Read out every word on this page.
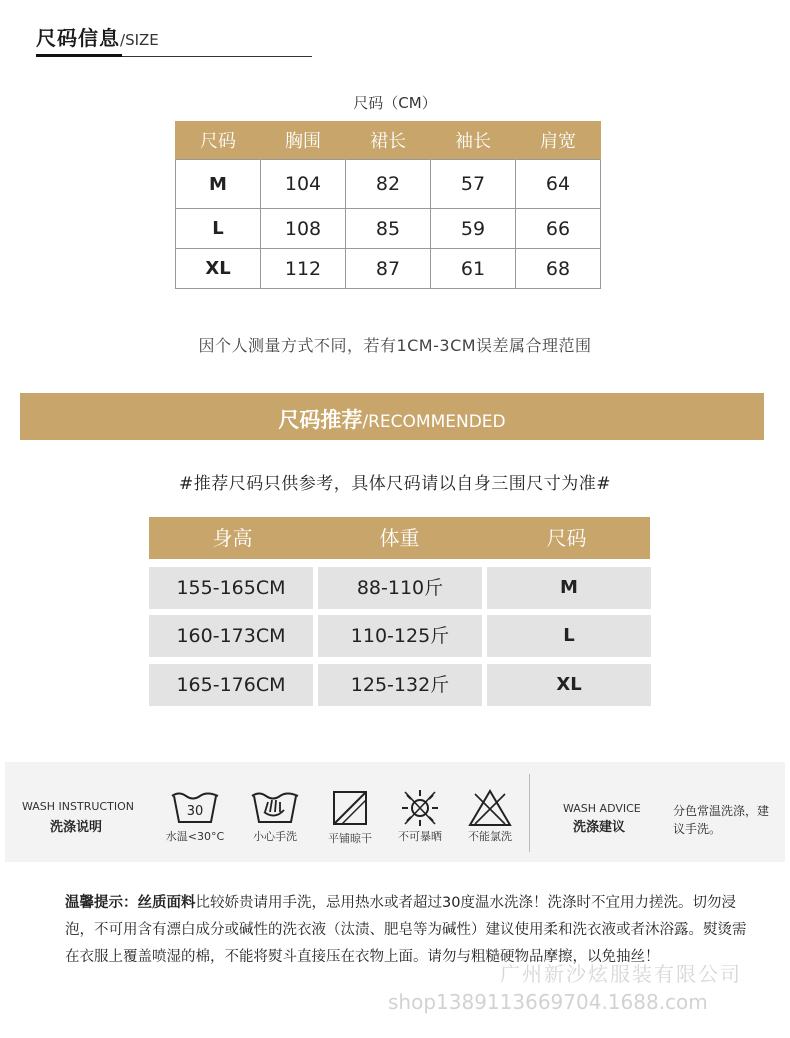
尺码信息/SIZE
尺码（CM）
尺码	胸围	裙长	袖长	肩宽
M	104	82	57	64
L	108	85	59	66
XL	112	87	61	68
因个人测量方式不同，若有1CM-3CM误差属合理范围
尺码推荐/RECOMMENDED
#推荐尺码只供参考，具体尺码请以自身三围尺寸为准#
身高	体重	尺码
155-165CM	88-110斤	M
160-173CM	110-125斤	L
165-176CM	125-132斤	XL
WASH INSTRUCTION
洗涤说明
30
水温<30°C	小心手洗	平铺晾干	不可暴晒	不能氯洗
WASH ADVICE
洗涤建议
分色常温洗涤，建议手洗。
温馨提示：丝质面料比较娇贵请用手洗，忌用热水或者超过30度温水洗涤！洗涤时不宜用力搓洗。切勿浸泡，不可用含有漂白成分或碱性的洗衣液（汰渍、肥皂等为碱性）建议使用柔和洗衣液或者沐浴露。熨烫需在衣服上覆盖喷湿的棉，不能将熨斗直接压在衣物上面。请勿与粗糙硬物品摩擦，以免抽丝！
广州新沙炫服装有限公司
shop1389113669704.1688.com
